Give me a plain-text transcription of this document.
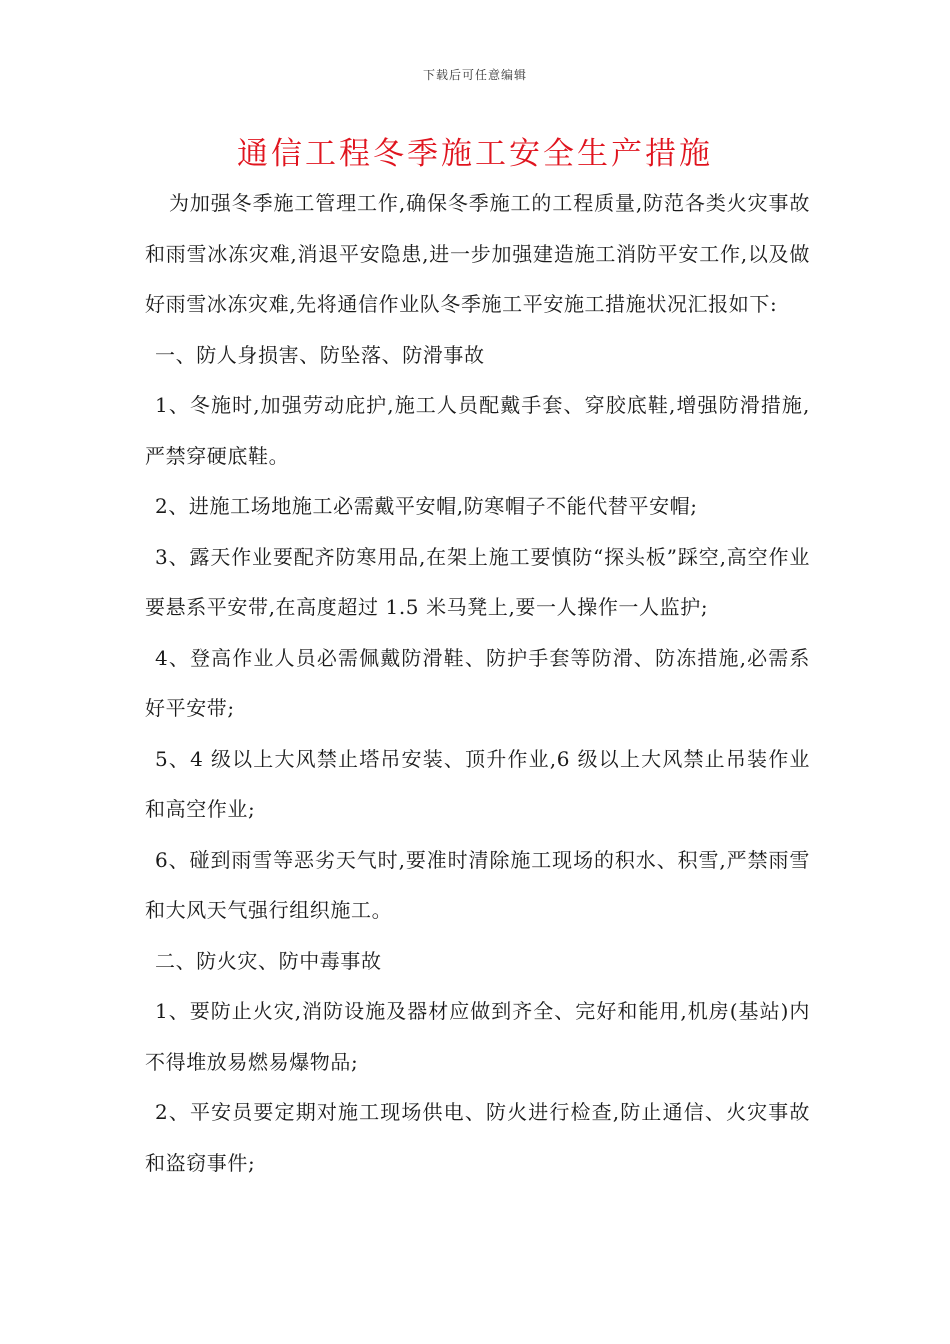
下载后可任意编辑
通信工程冬季施工安全生产措施

为加强冬季施工管理工作,确保冬季施工的工程质量,防范各类火灾事故和雨雪冰冻灾难,消退平安隐患,进一步加强建造施工消防平安工作,以及做好雨雪冰冻灾难,先将通信作业队冬季施工平安施工措施状况汇报如下:

一、防人身损害、防坠落、防滑事故

1、冬施时,加强劳动庇护,施工人员配戴手套、穿胶底鞋,增强防滑措施,严禁穿硬底鞋。

2、进施工场地施工必需戴平安帽,防寒帽子不能代替平安帽;

3、露天作业要配齐防寒用品,在架上施工要慎防“探头板”踩空,高空作业要悬系平安带,在高度超过 1.5 米马凳上,要一人操作一人监护;

4、登高作业人员必需佩戴防滑鞋、防护手套等防滑、防冻措施,必需系好平安带;

5、4 级以上大风禁止塔吊安装、顶升作业,6 级以上大风禁止吊装作业和高空作业;

6、碰到雨雪等恶劣天气时,要准时清除施工现场的积水、积雪,严禁雨雪和大风天气强行组织施工。

二、防火灾、防中毒事故

1、要防止火灾,消防设施及器材应做到齐全、完好和能用,机房(基站)内不得堆放易燃易爆物品;

2、平安员要定期对施工现场供电、防火进行检查,防止通信、火灾事故和盗窃事件;
